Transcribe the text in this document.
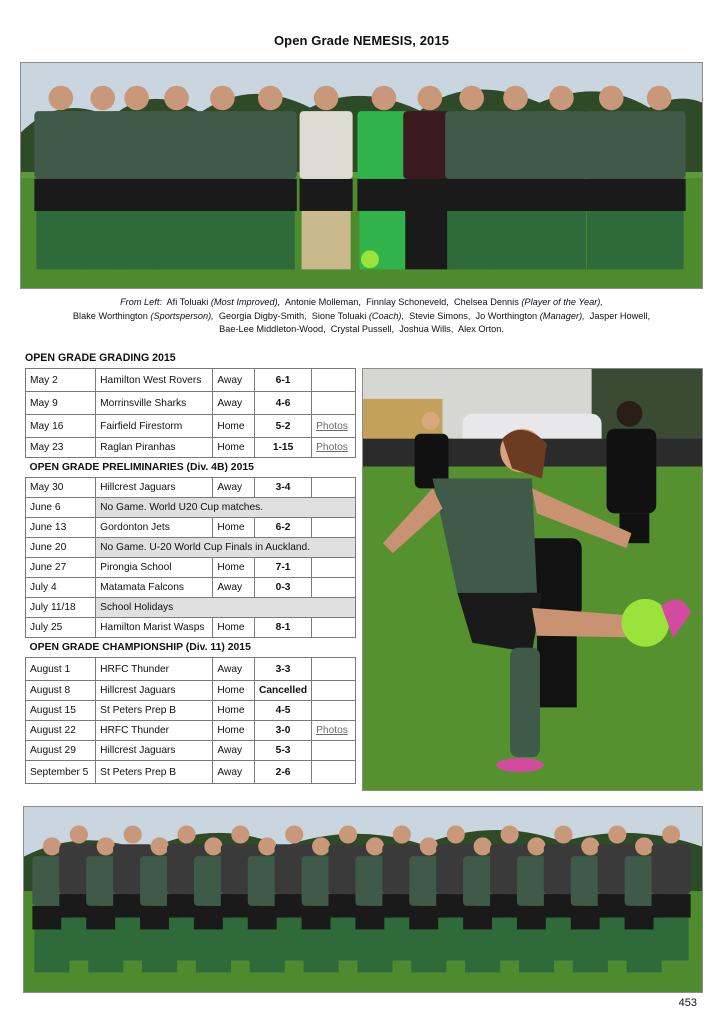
Open Grade NEMESIS, 2015
From Left: Afi Toluaki (Most Improved), Antonie Molleman, Finnlay Schoneveld, Chelsea Dennis (Player of the Year),
Blake Worthington (Sportsperson), Georgia Digby-Smith, Sione Toluaki (Coach), Stevie Simons, Jo Worthington (Manager), Jasper Howell,
Bae-Lee Middleton-Wood, Crystal Pussell, Joshua Wills, Alex Orton.
OPEN GRADE GRADING 2015
May 2	Hamilton West Rovers	Away	6-1	
May 9	Morrinsville Sharks	Away	4-6	
May 16	Fairfield Firestorm	Home	5-2	Photos
May 23	Raglan Piranhas	Home	1-15	Photos
OPEN GRADE PRELIMINARIES (Div. 4B) 2015				
May 30	Hillcrest Jaguars	Away	3-4	
June 6	No Game. World U20 Cup matches.			
June 13	Gordonton Jets	Home	6-2	
June 20	No Game. U-20 World Cup Finals in Auckland.			
June 27	Pirongia School	Home	7-1	
July 4	Matamata Falcons	Away	0-3	
July 11/18	School Holidays			
July 25	Hamilton Marist Wasps	Home	8-1	
OPEN GRADE CHAMPIONSHIP (Div. 11) 2015				
August 1	HRFC Thunder	Away	3-3	
August 8	Hillcrest Jaguars	Home	Cancelled	
August 15	St Peters Prep B	Home	4-5	
August 22	HRFC Thunder	Home	3-0	Photos
August 29	Hillcrest Jaguars	Away	5-3	
September 5	St Peters Prep B	Away	2-6	
453
